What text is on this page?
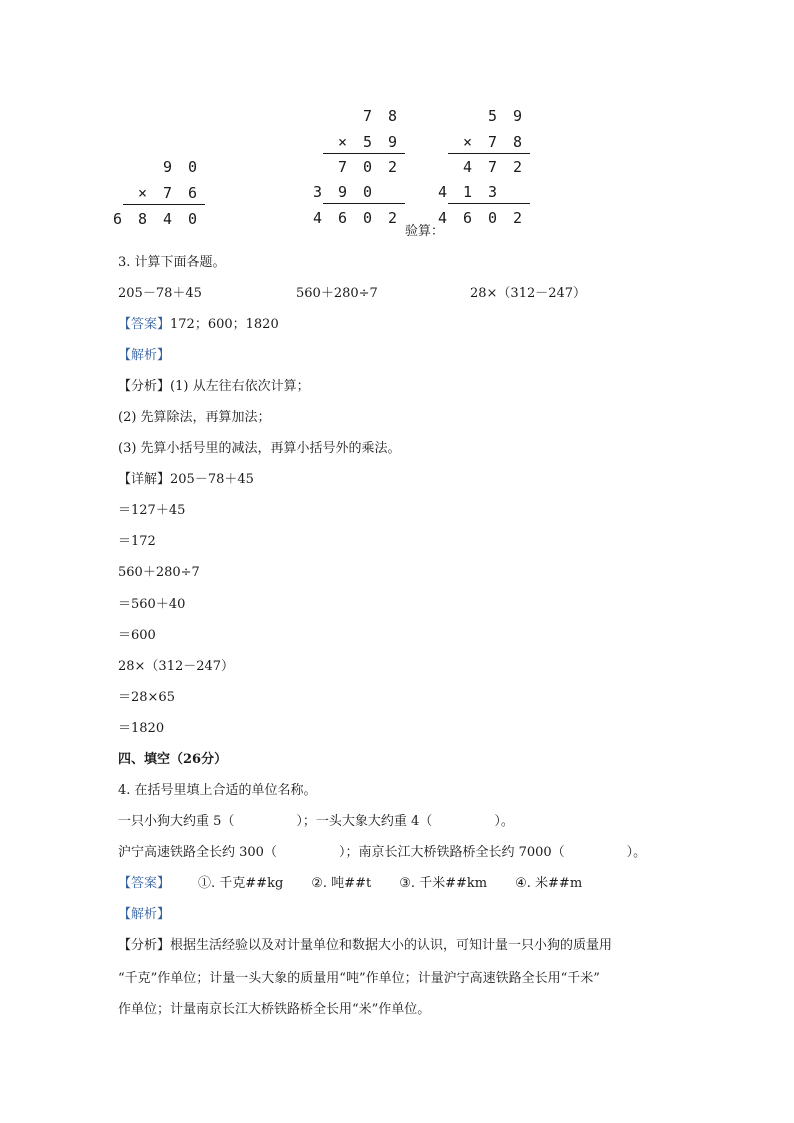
9	0
×	7	6
6	8	4	0
7	8
×	5	9
7	0	2
3	9	0
4	6	0	2
验算：
5	9
×	7	8
4	7	2
4	1	3
4	6	0	2
3. 计算下面各题。
205－78＋45	560＋280÷7	28×（312－247）
【答案】172；600；1820
【解析】
【分析】(1) 从左往右依次计算；
(2) 先算除法，再算加法；
(3) 先算小括号里的减法，再算小括号外的乘法。
【详解】205－78＋45
＝127＋45
＝172
560＋280÷7
＝560＋40
＝600
28×（312－247）
＝28×65
＝1820
四、填空（26分）
4. 在括号里填上合适的单位名称。
一只小狗大约重 5（	）；一头大象大约重 4（	）。
沪宁高速铁路全长约 300（	）；南京长江大桥铁路桥全长约 7000（	）。
【答案】 ①. 千克##kg ②. 吨##t ③. 千米##km ④. 米##m
【解析】
【分析】根据生活经验以及对计量单位和数据大小的认识，可知计量一只小狗的质量用
“千克”作单位；计量一头大象的质量用“吨”作单位；计量沪宁高速铁路全长用“千米”
作单位；计量南京长江大桥铁路桥全长用“米”作单位。
